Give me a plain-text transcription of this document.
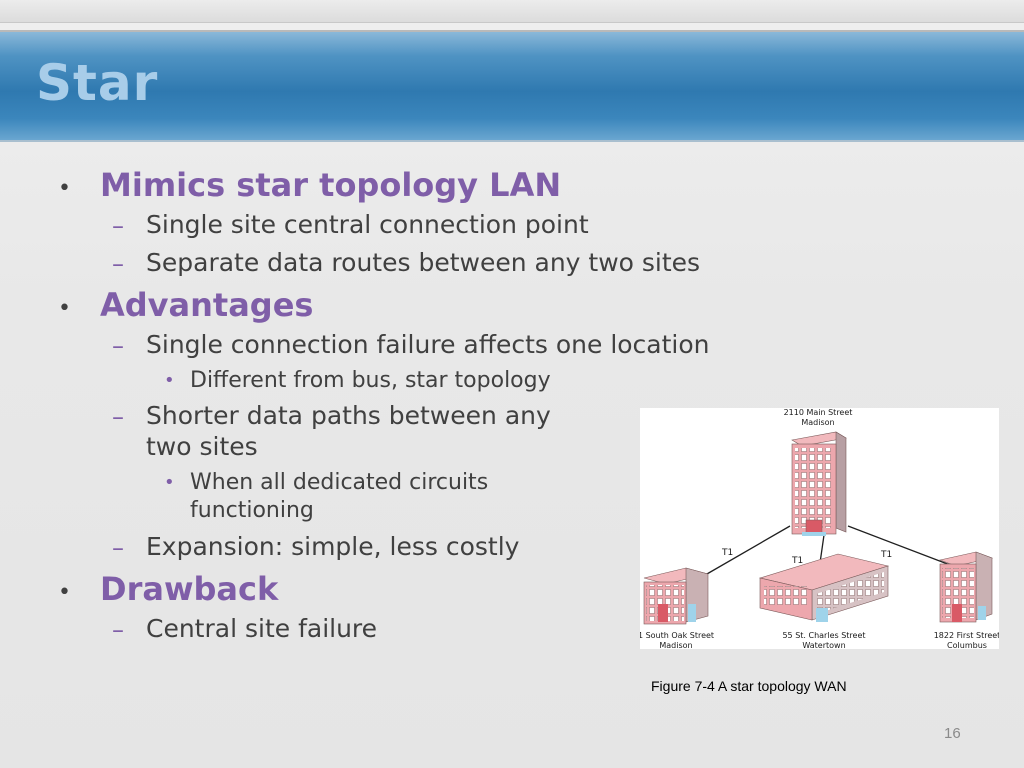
Star
• Mimics star topology LAN
– Single site central connection point
– Separate data routes between any two sites
• Advantages
– Single connection failure affects one location
• Different from bus, star topology
– Shorter data paths between any
two sites
• When all dedicated circuits
functioning
– Expansion: simple, less costly
• Drawback
– Central site failure
T1
T1
T1
2110 Main Street
Madison
1 South Oak Street
Madison
55 St. Charles Street
Watertown
1822 First Street
Columbus
Figure 7-4 A star topology WAN
16
